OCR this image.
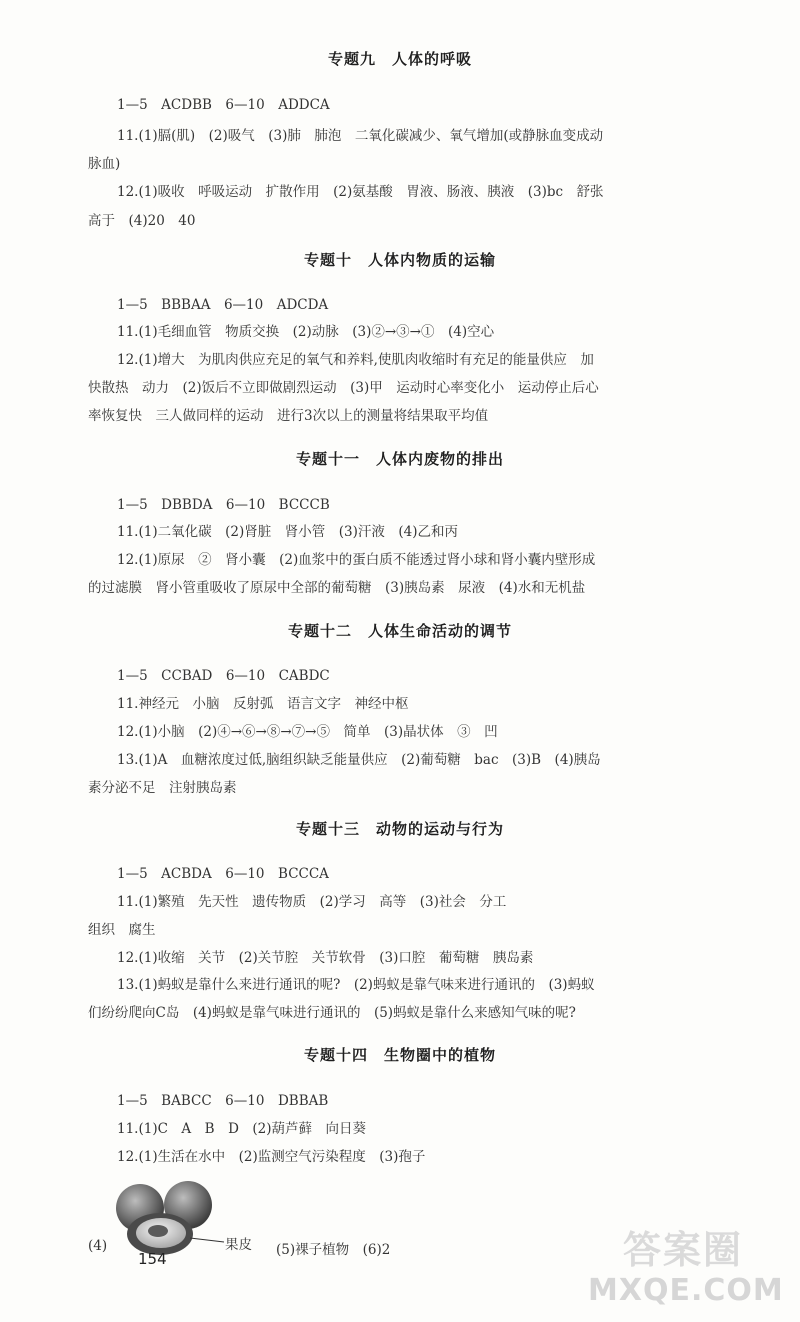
专题九　人体的呼吸
1—5　ACDBB　6—10　ADDCA
11.(1)膈(肌)　(2)吸气　(3)肺　肺泡　二氧化碳减少、氧气增加(或静脉血变成动
脉血)
12.(1)吸收　呼吸运动　扩散作用　(2)氨基酸　胃液、肠液、胰液　(3)bc　舒张
高于　(4)20　40
专题十　人体内物质的运输
1—5　BBBAA　6—10　ADCDA
11.(1)毛细血管　物质交换　(2)动脉　(3)②→③→①　(4)空心
12.(1)增大　为肌肉供应充足的氧气和养料,使肌肉收缩时有充足的能量供应　加
快散热　动力　(2)饭后不立即做剧烈运动　(3)甲　运动时心率变化小　运动停止后心
率恢复快　三人做同样的运动　进行3次以上的测量将结果取平均值
专题十一　人体内废物的排出
1—5　DBBDA　6—10　BCCCB
11.(1)二氧化碳　(2)肾脏　肾小管　(3)汗液　(4)乙和丙
12.(1)原尿　②　肾小囊　(2)血浆中的蛋白质不能透过肾小球和肾小囊内壁形成
的过滤膜　肾小管重吸收了原尿中全部的葡萄糖　(3)胰岛素　尿液　(4)水和无机盐
专题十二　人体生命活动的调节
1—5　CCBAD　6—10　CABDC
11.神经元　小脑　反射弧　语言文字　神经中枢
12.(1)小脑　(2)④→⑥→⑧→⑦→⑤　简单　(3)晶状体　③　凹
13.(1)A　血糖浓度过低,脑组织缺乏能量供应　(2)葡萄糖　bac　(3)B　(4)胰岛
素分泌不足　注射胰岛素
专题十三　动物的运动与行为
1—5　ACBDA　6—10　BCCCA
11.(1)繁殖　先天性　遗传物质　(2)学习　高等　(3)社会　分工
组织　腐生
12.(1)收缩　关节　(2)关节腔　关节软骨　(3)口腔　葡萄糖　胰岛素
13.(1)蚂蚁是靠什么来进行通讯的呢?　(2)蚂蚁是靠气味来进行通讯的　(3)蚂蚁
们纷纷爬向C岛　(4)蚂蚁是靠气味进行通讯的　(5)蚂蚁是靠什么来感知气味的呢?
专题十四　生物圈中的植物
1—5　BABCC　6—10　DBBAB
11.(1)C　A　B　D　(2)葫芦藓　向日葵
12.(1)生活在水中　(2)监测空气污染程度　(3)孢子
(4)	果皮 (5)裸子植物　(6)2
154	答案圈
MXQE.COM
